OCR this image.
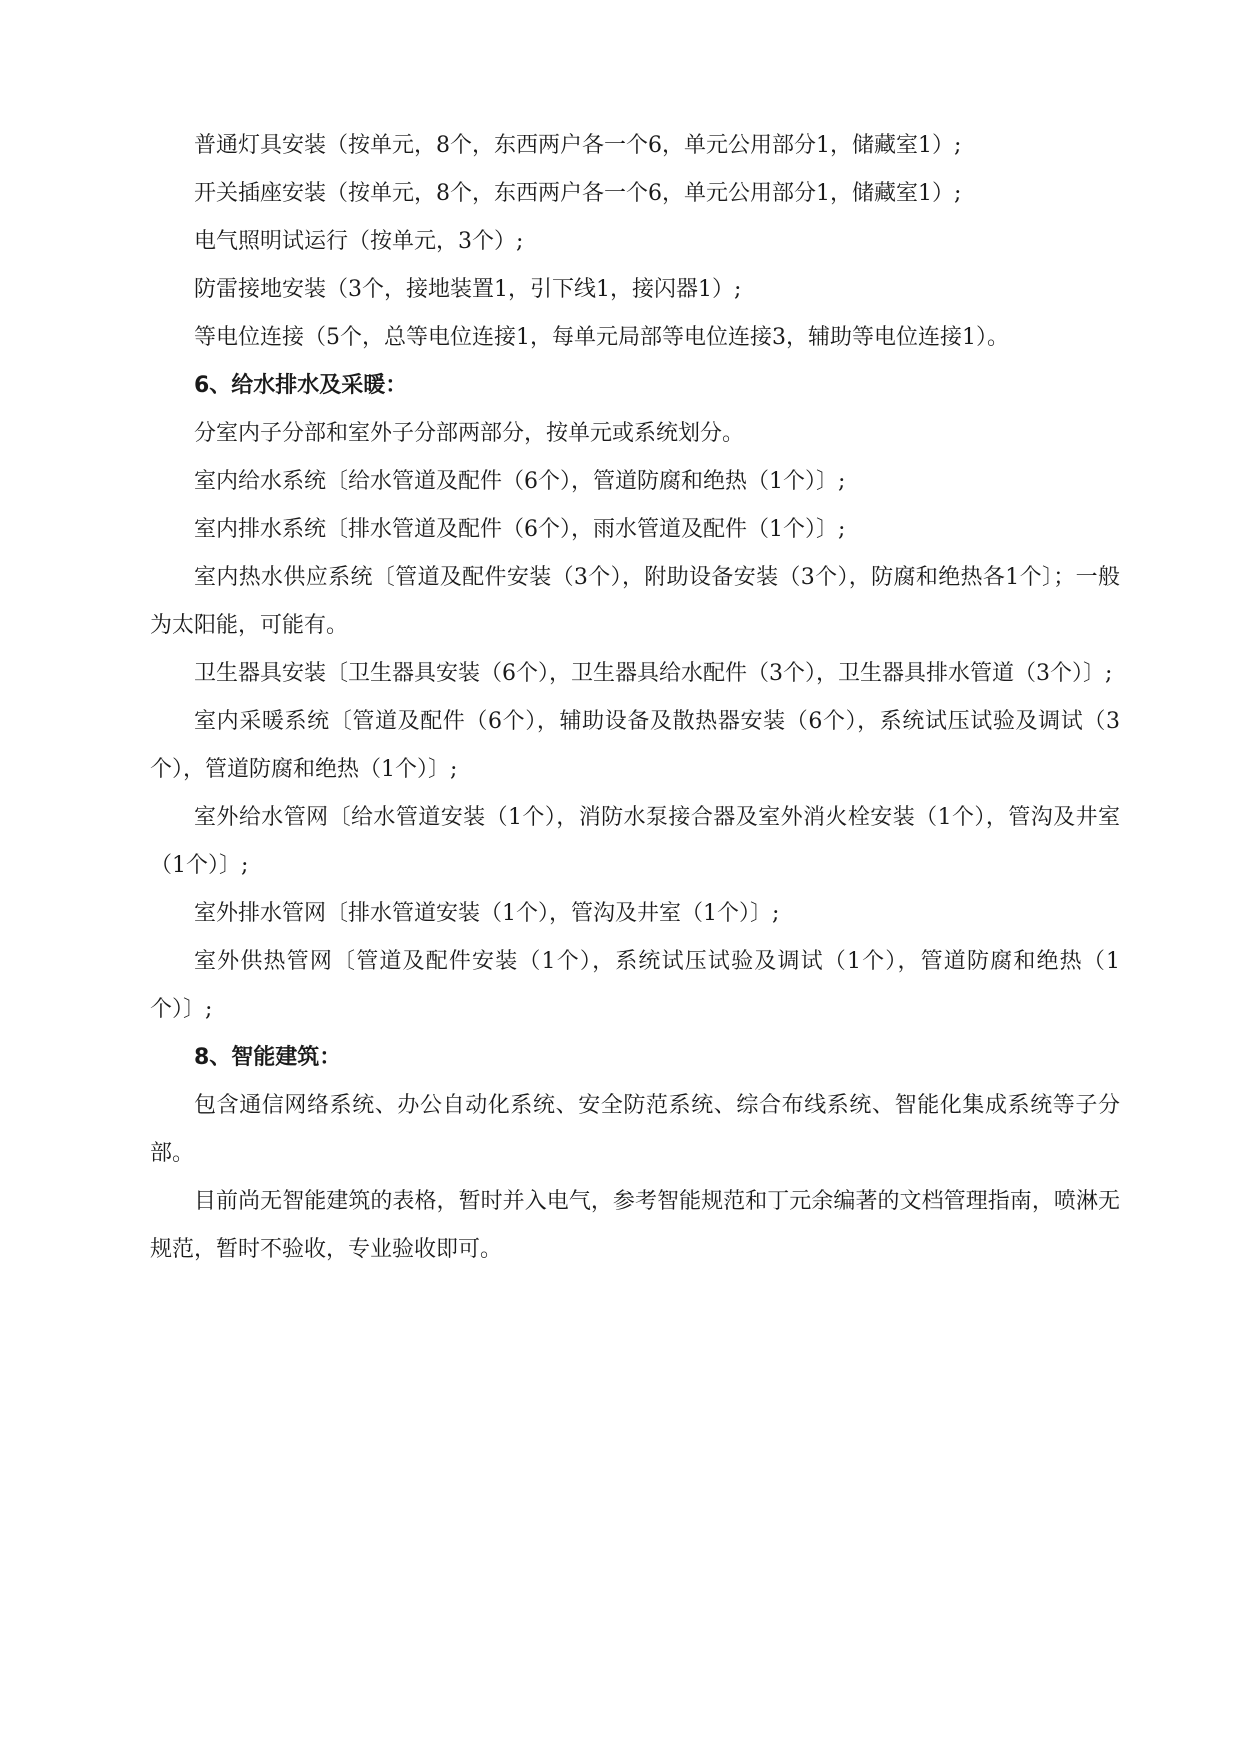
普通灯具安装（按单元，8个，东西两户各一个6，单元公用部分1，储藏室1）;

开关插座安装（按单元，8个，东西两户各一个6，单元公用部分1，储藏室1）;

电气照明试运行（按单元，3个）;

防雷接地安装（3个，接地装置1，引下线1，接闪器1）;

等电位连接（5个，总等电位连接1，每单元局部等电位连接3，辅助等电位连接1）。

6、给水排水及采暖：

分室内子分部和室外子分部两部分，按单元或系统划分。

室内给水系统〔给水管道及配件（6个），管道防腐和绝热（1个）〕;

室内排水系统〔排水管道及配件（6个），雨水管道及配件（1个）〕;

室内热水供应系统〔管道及配件安装（3个），附助设备安装（3个），防腐和绝热各1个〕；一般为太阳能，可能有。

卫生器具安装〔卫生器具安装（6个），卫生器具给水配件（3个），卫生器具排水管道（3个）〕;

室内采暖系统〔管道及配件（6个），辅助设备及散热器安装（6个），系统试压试验及调试（3个），管道防腐和绝热（1个）〕;

室外给水管网〔给水管道安装（1个），消防水泵接合器及室外消火栓安装（1个），管沟及井室（1个）〕;

室外排水管网〔排水管道安装（1个），管沟及井室（1个）〕;

室外供热管网〔管道及配件安装（1个），系统试压试验及调试（1个），管道防腐和绝热（1个）〕;

8、智能建筑：

包含通信网络系统、办公自动化系统、安全防范系统、综合布线系统、智能化集成系统等子分部。

目前尚无智能建筑的表格，暂时并入电气，参考智能规范和丁元余编著的文档管理指南，喷淋无规范，暂时不验收，专业验收即可。
